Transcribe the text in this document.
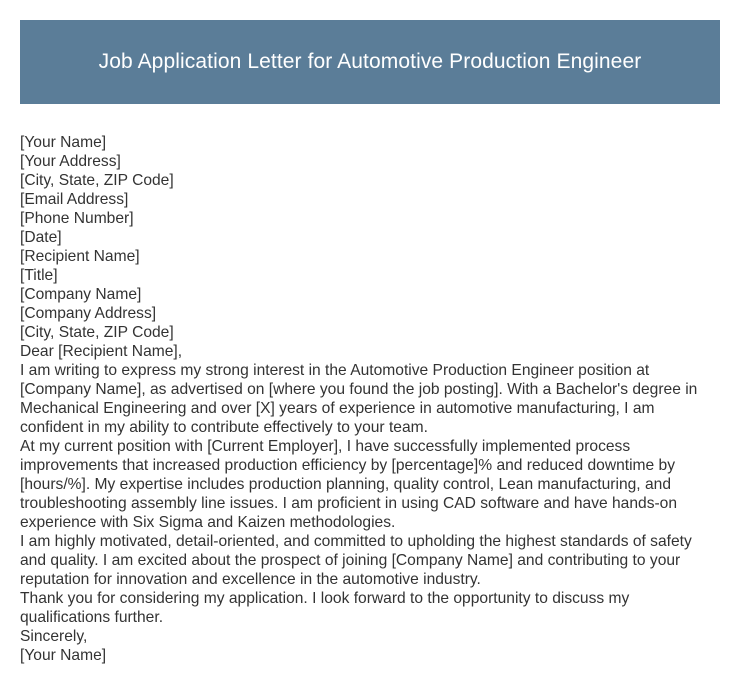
Job Application Letter for Automotive Production Engineer

[Your Name]

[Your Address]

[City, State, ZIP Code]

[Email Address]

[Phone Number]

[Date]

[Recipient Name]

[Title]

[Company Name]

[Company Address]

[City, State, ZIP Code]

Dear [Recipient Name],

I am writing to express my strong interest in the Automotive Production Engineer position at [Company Name], as advertised on [where you found the job posting]. With a Bachelor's degree in Mechanical Engineering and over [X] years of experience in automotive manufacturing, I am confident in my ability to contribute effectively to your team.

At my current position with [Current Employer], I have successfully implemented process improvements that increased production efficiency by [percentage]% and reduced downtime by [hours/%]. My expertise includes production planning, quality control, Lean manufacturing, and troubleshooting assembly line issues. I am proficient in using CAD software and have hands-on experience with Six Sigma and Kaizen methodologies.

I am highly motivated, detail-oriented, and committed to upholding the highest standards of safety and quality. I am excited about the prospect of joining [Company Name] and contributing to your reputation for innovation and excellence in the automotive industry.

Thank you for considering my application. I look forward to the opportunity to discuss my qualifications further.

Sincerely,

[Your Name]
